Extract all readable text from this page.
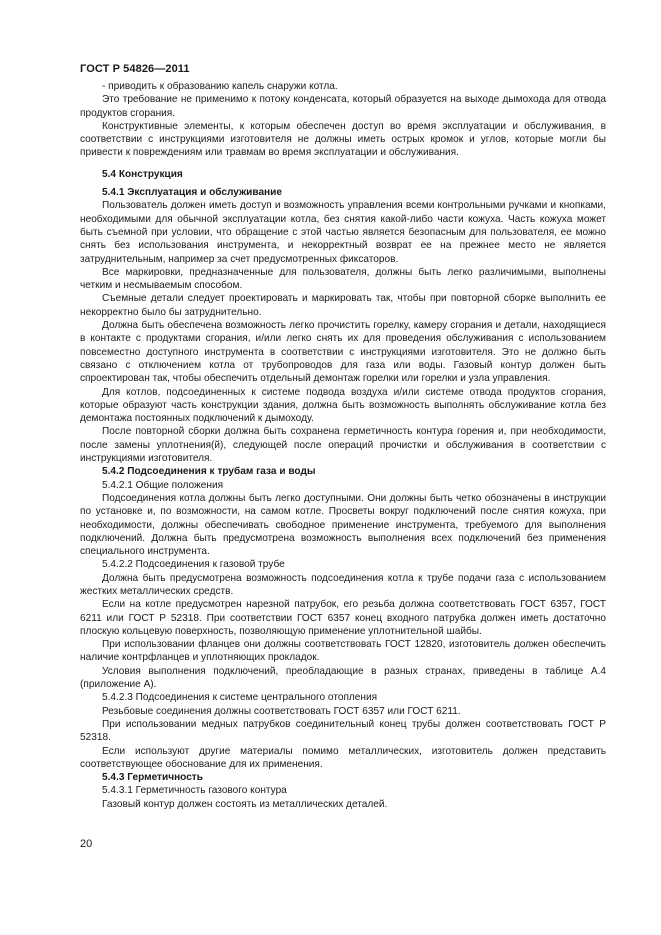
ГОСТ Р 54826—2011

- приводить к образованию капель снаружи котла.

Это требование не применимо к потоку конденсата, который образуется на выходе дымохода для отвода продуктов сгорания.

Конструктивные элементы, к которым обеспечен доступ во время эксплуатации и обслуживания, в соответствии с инструкциями изготовителя не должны иметь острых кромок и углов, которые могли бы привести к повреждениям или травмам во время эксплуатации и обслуживания.

5.4 Конструкция

5.4.1 Эксплуатация и обслуживание

Пользователь должен иметь доступ и возможность управления всеми контрольными ручками и кнопками, необходимыми для обычной эксплуатации котла, без снятия какой-либо части кожуха. Часть кожуха может быть съемной при условии, что обращение с этой частью является безопасным для пользователя, ее можно снять без использования инструмента, и некорректный возврат ее на прежнее место не является затруднительным, например за счет предусмотренных фиксаторов.

Все маркировки, предназначенные для пользователя, должны быть легко различимыми, выполнены четким и несмываемым способом.

Съемные детали следует проектировать и маркировать так, чтобы при повторной сборке выполнить ее некорректно было бы затруднительно.

Должна быть обеспечена возможность легко прочистить горелку, камеру сгорания и детали, находящиеся в контакте с продуктами сгорания, и/или легко снять их для проведения обслуживания с использованием повсеместно доступного инструмента в соответствии с инструкциями изготовителя. Это не должно быть связано с отключением котла от трубопроводов для газа или воды. Газовый контур должен быть спроектирован так, чтобы обеспечить отдельный демонтаж горелки или горелки и узла управления.

Для котлов, подсоединенных к системе подвода воздуха и/или системе отвода продуктов сгорания, которые образуют часть конструкции здания, должна быть возможность выполнять обслуживание котла без демонтажа постоянных подключений к дымоходу.

После повторной сборки должна быть сохранена герметичность контура горения и, при необходимости, после замены уплотнения(й), следующей после операций прочистки и обслуживания в соответствии с инструкциями изготовителя.

5.4.2 Подсоединения к трубам газа и воды

5.4.2.1 Общие положения

Подсоединения котла должны быть легко доступными. Они должны быть четко обозначены в инструкции по установке и, по возможности, на самом котле. Просветы вокруг подключений после снятия кожуха, при необходимости, должны обеспечивать свободное применение инструмента, требуемого для выполнения подключений. Должна быть предусмотрена возможность выполнения всех подключений без применения специального инструмента.

5.4.2.2 Подсоединения к газовой трубе

Должна быть предусмотрена возможность подсоединения котла к трубе подачи газа с использованием жестких металлических средств.

Если на котле предусмотрен нарезной патрубок, его резьба должна соответствовать ГОСТ 6357, ГОСТ 6211 или ГОСТ Р 52318. При соответствии ГОСТ 6357 конец входного патрубка должен иметь достаточно плоскую кольцевую поверхность, позволяющую применение уплотнительной шайбы.

При использовании фланцев они должны соответствовать ГОСТ 12820, изготовитель должен обеспечить наличие контрфланцев и уплотняющих прокладок.

Условия выполнения подключений, преобладающие в разных странах, приведены в таблице А.4 (приложение А).

5.4.2.3 Подсоединения к системе центрального отопления

Резьбовые соединения должны соответствовать ГОСТ 6357 или ГОСТ 6211.

При использовании медных патрубков соединительный конец трубы должен соответствовать ГОСТ Р 52318.

Если используют другие материалы помимо металлических, изготовитель должен представить соответствующее обоснование для их применения.

5.4.3 Герметичность

5.4.3.1 Герметичность газового контура

Газовый контур должен состоять из металлических деталей.

20
